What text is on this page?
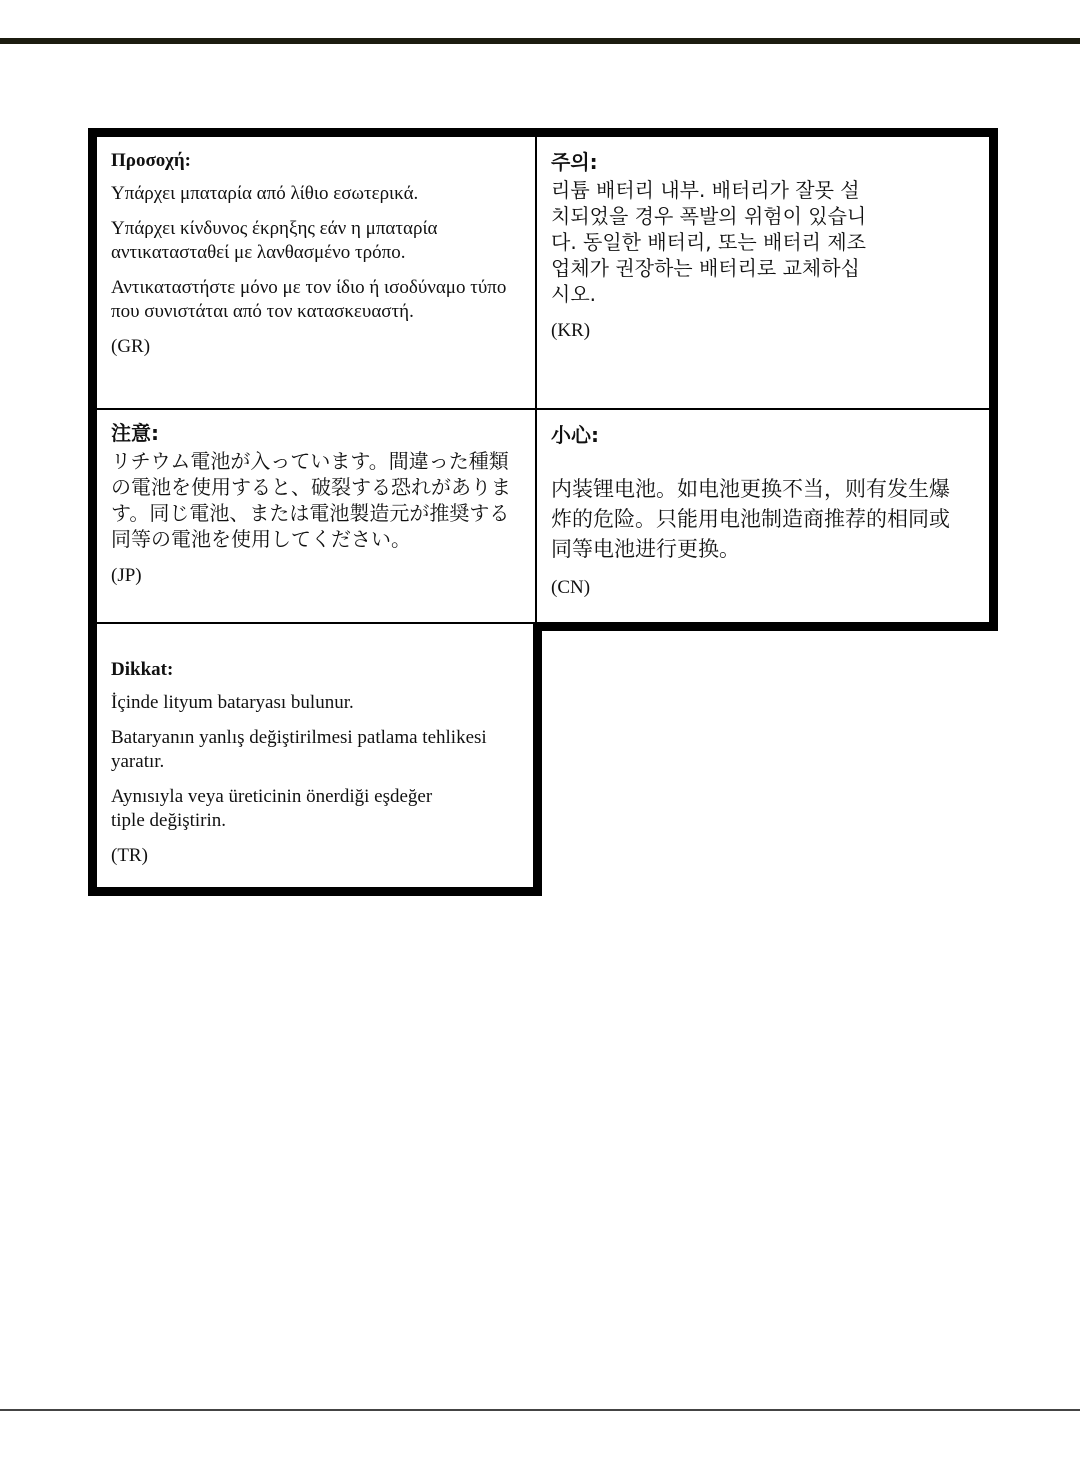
Προσοχή:

Υπάρχει μπαταρία από λίθιο εσωτερικά.

Υπάρχει κίνδυνος έκρηξης εάν η μπαταρία αντικατασταθεί με λανθασμένο τρόπο.

Αντικαταστήστε μόνο με τον ίδιο ή ισοδύναμο τύπο που συνιστάται από τον κατασκευαστή.

(GR)

주의:

리튬 배터리 내부. 배터리가 잘못 설치되었을 경우 폭발의 위험이 있습니다. 동일한 배터리, 또는 배터리 제조업체가 권장하는 배터리로 교체하십시오.

(KR)

注意:

リチウム電池が入っています。間違った種類の電池を使用すると、破裂する恐れがあります。同じ電池、または電池製造元が推奨する同等の電池を使用してください。

(JP)

小心:

内装锂电池。如电池更换不当，则有发生爆炸的危险。只能用电池制造商推荐的相同或同等电池进行更换。

(CN)

Dikkat:

İçinde lityum bataryası bulunur.

Bataryanın yanlış değiştirilmesi patlama tehlikesi yaratır.

Aynısıyla veya üreticinin önerdiği eşdeğer tiple değiştirin.

(TR)
